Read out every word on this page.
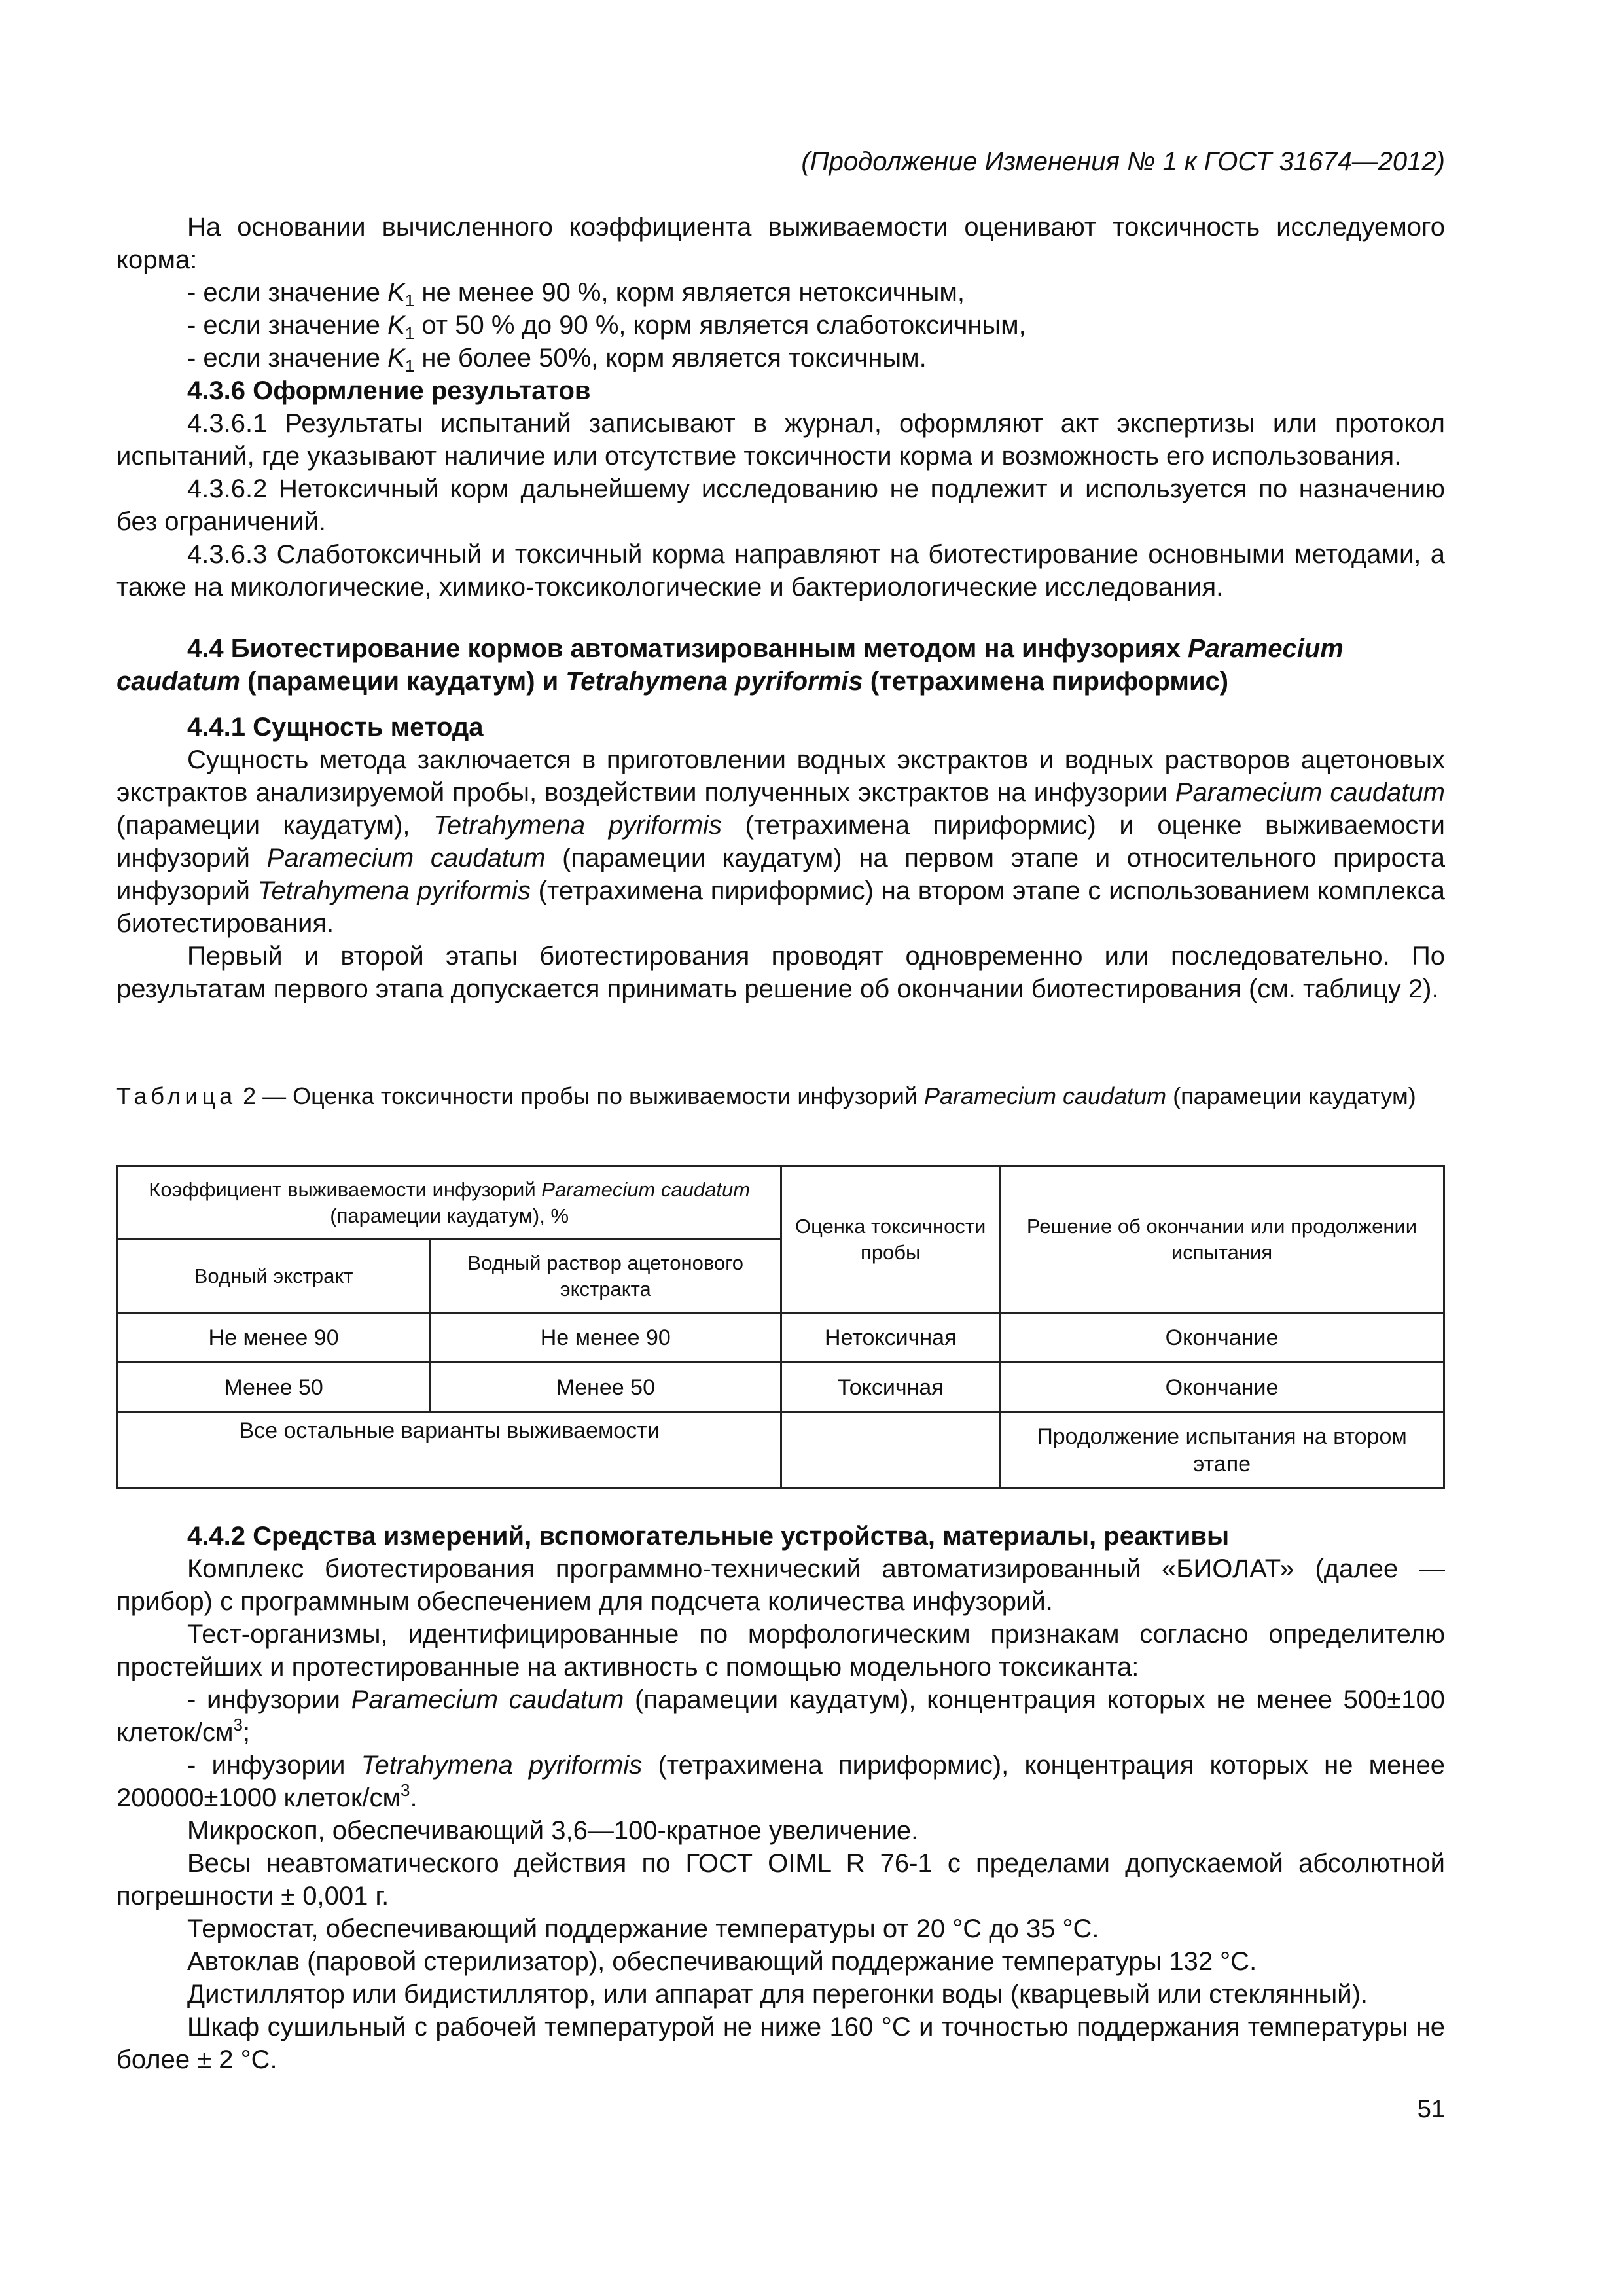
(Продолжение Изменения № 1 к ГОСТ 31674—2012)

На основании вычисленного коэффициента выживаемости оценивают токсичность исследуемого корма:

- если значение $K_1$ не менее 90 %, корм является нетоксичным,

- если значение $K_1$ от 50 % до 90 %, корм является слаботоксичным,

- если значение $K_1$ не более 50%, корм является токсичным.

4.3.6 Оформление результатов

4.3.6.1 Результаты испытаний записывают в журнал, оформляют акт экспертизы или протокол испытаний, где указывают наличие или отсутствие токсичности корма и возможность его использования.

4.3.6.2 Нетоксичный корм дальнейшему исследованию не подлежит и используется по назначению без ограничений.

4.3.6.3 Слаботоксичный и токсичный корма направляют на биотестирование основными методами, а также на микологические, химико-токсикологические и бактериологические исследования.

4.4 Биотестирование кормов автоматизированным методом на инфузориях Paramecium caudatum (парамеции каудатум) и Tetrahymena pyriformis (тетрахимена пириформис)

4.4.1 Сущность метода

Сущность метода заключается в приготовлении водных экстрактов и водных растворов ацетоновых экстрактов анализируемой пробы, воздействии полученных экстрактов на инфузории Paramecium caudatum (парамеции каудатум), Tetrahymena pyriformis (тетрахимена пириформис) и оценке выживаемости инфузорий Paramecium caudatum (парамеции каудатум) на первом этапе и относительного прироста инфузорий Tetrahymena pyriformis (тетрахимена пириформис) на втором этапе с использованием комплекса биотестирования.

Первый и второй этапы биотестирования проводят одновременно или последовательно. По результатам первого этапа допускается принимать решение об окончании биотестирования (см. таблицу 2).

Таблица 2 — Оценка токсичности пробы по выживаемости инфузорий Paramecium caudatum (парамеции каудатум)

Коэффициент выживаемости инфузорий Paramecium caudatum (парамеции каудатум), %		Оценка токсичности пробы	Решение об окончании или продолжении испытания
Водный экстракт	Водный раствор ацетонового экстракта		
Не менее 90	Не менее 90	Нетоксичная	Окончание
Менее 50	Менее 50	Токсичная	Окончание
Все остальные варианты выживаемости			Продолжение испытания на втором этапе

4.4.2 Средства измерений, вспомогательные устройства, материалы, реактивы

Комплекс биотестирования программно-технический автоматизированный «БИОЛАТ» (далее — прибор) с программным обеспечением для подсчета количества инфузорий.

Тест-организмы, идентифицированные по морфологическим признакам согласно определителю простейших и протестированные на активность с помощью модельного токсиканта:

- инфузории Paramecium caudatum (парамеции каудатум), концентрация которых не менее 500±100 клеток/$см^3$;

- инфузории Tetrahymena pyriformis (тетрахимена пириформис), концентрация которых не менее 200000±1000 клеток/$см^3$.

Микроскоп, обеспечивающий 3,6—100-кратное увеличение.

Весы неавтоматического действия по ГОСТ OIML R 76-1 с пределами допускаемой абсолютной погрешности ± 0,001 г.

Термостат, обеспечивающий поддержание температуры от 20 °С до 35 °С.

Автоклав (паровой стерилизатор), обеспечивающий поддержание температуры 132 °С.

Дистиллятор или бидистиллятор, или аппарат для перегонки воды (кварцевый или стеклянный).

Шкаф сушильный с рабочей температурой не ниже 160 °С и точностью поддержания температуры не более ± 2 °С.

51
